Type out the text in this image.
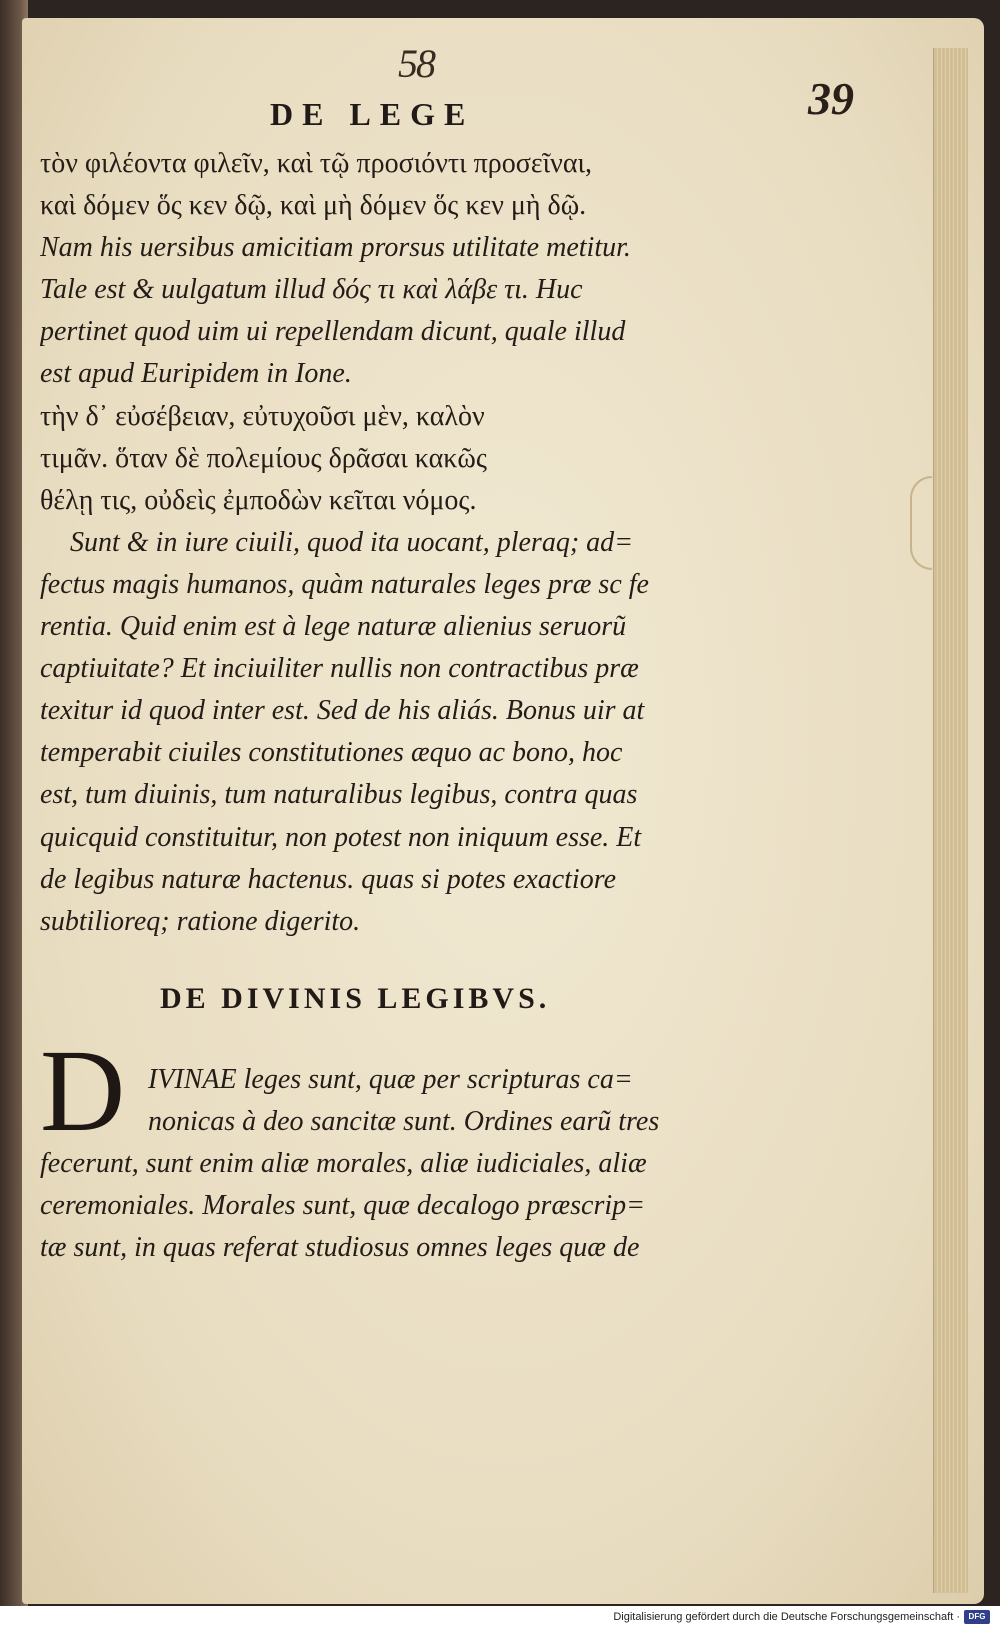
58
39
DE LEGE
τὸν φιλέοντα φιλεῖν, καὶ τῷ προσιόντι προσεῖναι,
καὶ δόμεν ὅς κεν δῷ, καὶ μὴ δόμεν ὅς κεν μὴ δῷ.
Nam his uersibus amicitiam prorsus utilitate metitur.
Tale est & uulgatum illud δός τι καὶ λάβε τι. Huc
pertinet quod uim ui repellendam dicunt, quale illud
est apud Euripidem in Ione.
τὴν δ᾽ εὐσέβειαν, εὐτυχοῦσι μὲν, καλὸν
τιμᾶν. ὅταν δὲ πολεμίους δρᾶσαι κακῶς
θέλῃ τις, οὐδεὶς ἐμποδὼν κεῖται νόμος.
Sunt & in iure ciuili, quod ita uocant, pleraq; ad=
fectus magis humanos, quàm naturales leges præ sc fe
rentia. Quid enim est à lege naturæ alienius seruorũ
captiuitate? Et inciuiliter nullis non contractibus præ
texitur id quod inter est. Sed de his aliás. Bonus uir at
temperabit ciuiles constitutiones æquo ac bono, hoc
est, tum diuinis, tum naturalibus legibus, contra quas
quicquid constituitur, non potest non iniquum esse. Et
de legibus naturæ hactenus. quas si potes exactiore
subtilioreq; ratione digerito.
DE DIVINIS LEGIBVS.
D IVINAE leges sunt, quæ per scripturas ca=
nonicas à deo sancitæ sunt. Ordines earũ tres
fecerunt, sunt enim aliæ morales, aliæ iudiciales, aliæ
ceremoniales. Morales sunt, quæ decalogo præscrip=
tæ sunt, in quas referat studiosus omnes leges quæ de
Digitalisierung gefördert durch die Deutsche Forschungsgemeinschaft ·	DFG
